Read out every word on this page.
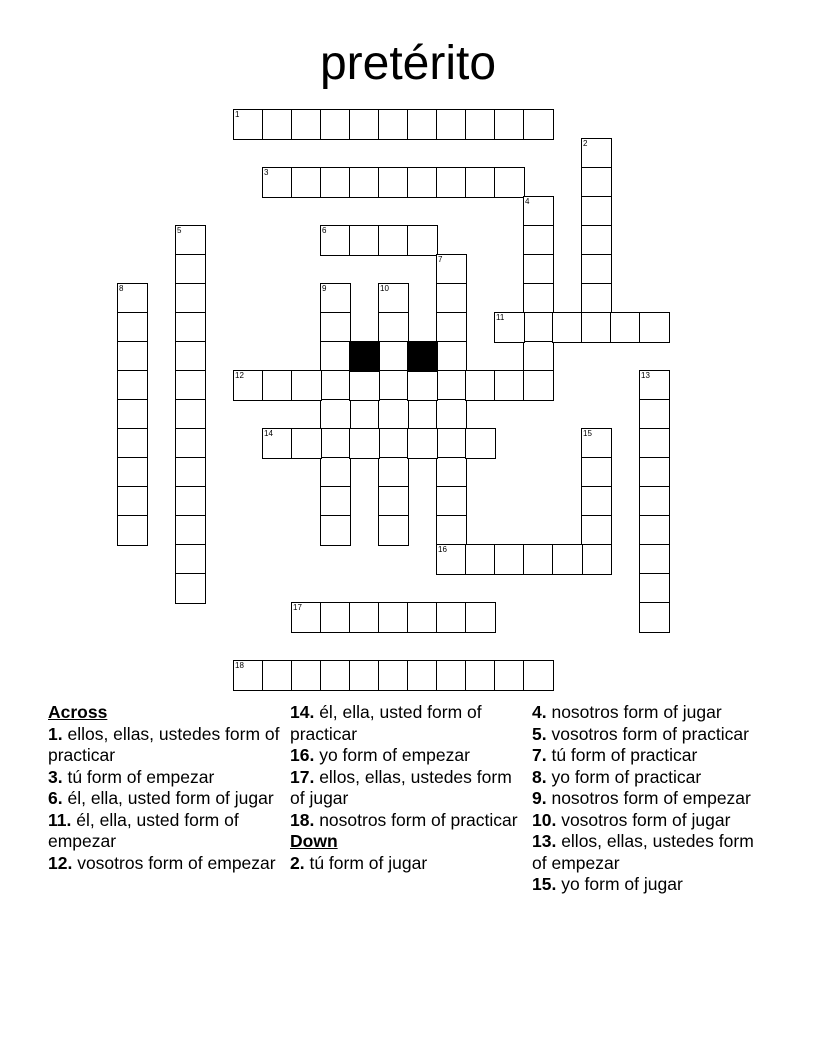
pretérito
1
2
3
4
5	6
7
16
8	9	10
11
12	13
14	15
17
18
Across
1. ellos, ellas, ustedes form of practicar
3. tú form of empezar
6. él, ella, usted form of jugar
11. él, ella, usted form of empezar
12. vosotros form of empezar
14. él, ella, usted form of practicar
16. yo form of empezar
17. ellos, ellas, ustedes form of jugar
18. nosotros form of practicar
Down
2. tú form of jugar
4. nosotros form of jugar
5. vosotros form of practicar
7. tú form of practicar
8. yo form of practicar
9. nosotros form of empezar
10. vosotros form of jugar
13. ellos, ellas, ustedes form of empezar
15. yo form of jugar
